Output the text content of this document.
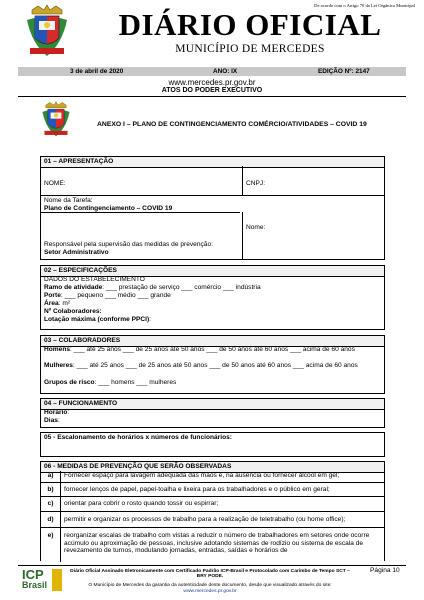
De acordo com o Artigo 70 da Lei Orgânica Municipal
DIÁRIO OFICIAL
MUNICÍPIO DE MERCEDES
3 de abril de 2020	ANO: IX	EDIÇÃO Nº: 2147
www.mercedes.pr.gov.br
ATOS DO PODER EXECUTIVO
ANEXO I – PLANO DE CONTINGENCIAMENTO COMÉRCIO/ATIVIDADES – COVID 19
01 – APRESENTAÇÃO
NOME:	CNPJ:
Nome da Tarefa:
Plano de Contingenciamento – COVID 19
Nome:
Responsável pela supervisão das medidas de prevenção:
Setor Administrativo
02 – ESPECIFICAÇÕES
DADOS DO ESTABELECIMENTO
Ramo de atividade: ___ prestação de serviço ___ comércio ___ indústria
Porte: ___ pequeno ___ médio ___ grande
Área: m²
Nº Colaboradores:
Lotação máxima (conforme PPCI):
03 – COLABORADORES
Homens: ___ até 25 anos ___ de 25 anos até 50 anos ___ de 50 anos até 60 anos ___ acima de 60 anos
Mulheres: ___ até 25 anos ___ de 25 anos até 50 anos ___ de 50 anos até 60 anos ___ acima de 60 anos
Grupos de risco: ___ homens ___ mulheres
04 – FUNCIONAMENTO
Horário:
Dias:
05 - Escalonamento de horários x números de funcionários:
06 - MEDIDAS DE PREVENÇÃO QUE SERÃO OBSERVADAS
a)	Fornecer espaço para lavagem adequada das mãos e, na ausência ou fornecer álcool em gel;
b)	fornecer lenços de papel, papel-toalha e lixeira para os trabalhadores e o público em geral;
c)	orientar para cobrir o rosto quando tossir ou espirrar;
d)	permitir e organizar os processos de trabalho para a realização de teletrabalho (ou home office);
e)	reorganizar escalas de trabalho com vistas a reduzir o número de trabalhadores em setores onde ocorre acúmulo ou aproximação de pessoas, inclusive adotando sistemas de rodízio ou sistema de escala de revezamento de turnos, modulando jornadas, entradas, saídas e horários de
ICP
Brasil
Diário Oficial Assinado Eletronicamente com Certificado Padrão ICP-Brasil e Protocolado com Carimbo de Tempo SCT – BRY PODE.
O Município de Mercedes da garantia da autenticidade deste documento, desde que visualizado através do site:
www.mercedes.pr.gov.br
Página 10
